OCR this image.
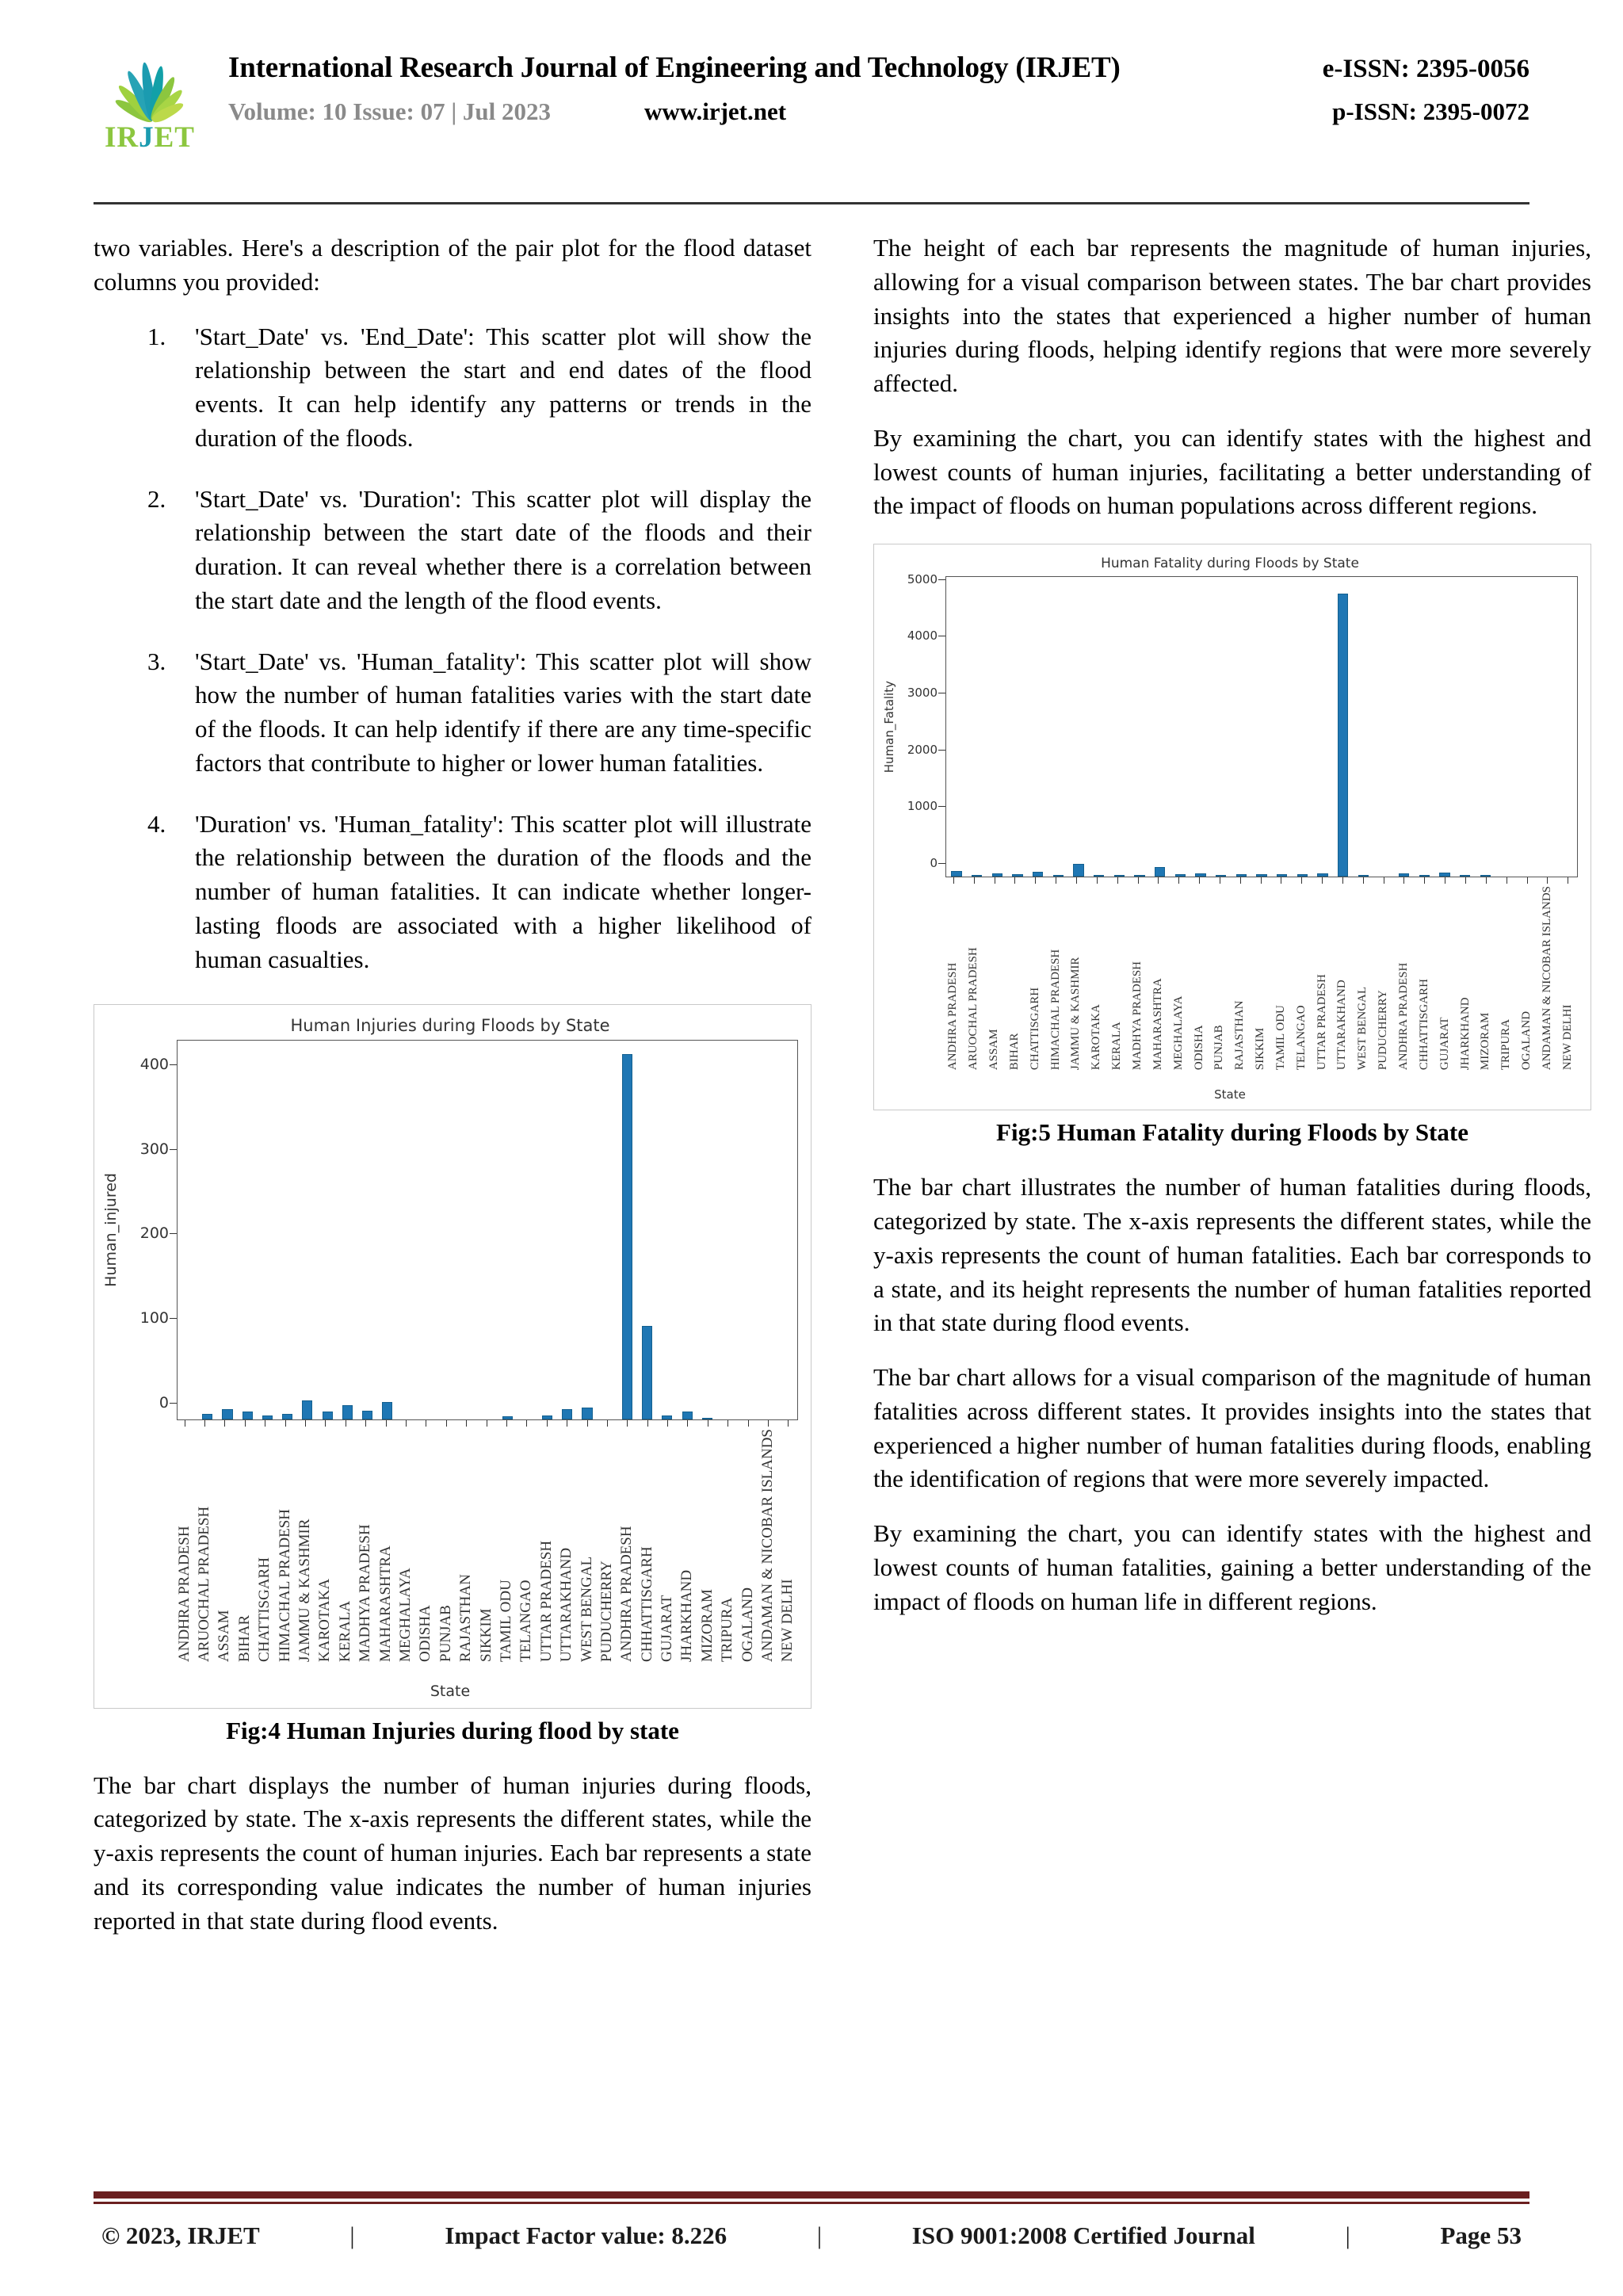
IRJET
International Research Journal of Engineering and Technology (IRJET)	e-ISSN: 2395-0056
Volume: 10 Issue: 07 | Jul 2023	www.irjet.net	p-ISSN: 2395-0072

two variables. Here's a description of the pair plot for the flood dataset columns you provided:

'Start_Date' vs. 'End_Date': This scatter plot will show the relationship between the start and end dates of the flood events. It can help identify any patterns or trends in the duration of the floods.
'Start_Date' vs. 'Duration': This scatter plot will display the relationship between the start date of the floods and their duration. It can reveal whether there is a correlation between the start date and the length of the flood events.
'Start_Date' vs. 'Human_fatality': This scatter plot will show how the number of human fatalities varies with the start date of the floods. It can help identify if there are any time-specific factors that contribute to higher or lower human fatalities.
'Duration' vs. 'Human_fatality': This scatter plot will illustrate the relationship between the duration of the floods and the number of human fatalities. It can indicate whether longer-lasting floods are associated with a higher likelihood of human casualties.
Human Injuries during Floods by State
Human_injured
0
100
200
300
400
ANDHRA PRADESH ARUOCHAL PRADESH ASSAM BIHAR CHATTISGARH HIMACHAL PRADESH JAMMU & KASHMIR KAROTAKA KERALA MADHYA PRADESH MAHARASHTRA MEGHALAYA ODISHA PUNJAB RAJASTHAN SIKKIM TAMIL ODU TELANGAO UTTAR PRADESH UTTARAKHAND WEST BENGAL PUDUCHERRY ANDHRA PRADESH CHHATTISGARH GUJARAT JHARKHAND MIZORAM TRIPURA OGALAND ANDAMAN & NICOBAR ISLANDS NEW DELHI
State
Fig:4 Human Injuries during flood by state

The bar chart displays the number of human injuries during floods, categorized by state. The x-axis represents the different states, while the y-axis represents the count of human injuries. Each bar represents a state and its corresponding value indicates the number of human injuries reported in that state during flood events.

The height of each bar represents the magnitude of human injuries, allowing for a visual comparison between states. The bar chart provides insights into the states that experienced a higher number of human injuries during floods, helping identify regions that were more severely affected.

By examining the chart, you can identify states with the highest and lowest counts of human injuries, facilitating a better understanding of the impact of floods on human populations across different regions.

Human Fatality during Floods by State
Human_Fatality
0
1000
2000
3000
4000
5000
ANDHRA PRADESH ARUOCHAL PRADESH ASSAM BIHAR CHATTISGARH HIMACHAL PRADESH JAMMU & KASHMIR KAROTAKA KERALA MADHYA PRADESH MAHARASHTRA MEGHALAYA ODISHA PUNJAB RAJASTHAN SIKKIM TAMIL ODU TELANGAO UTTAR PRADESH UTTARAKHAND WEST BENGAL PUDUCHERRY ANDHRA PRADESH CHHATTISGARH GUJARAT JHARKHAND MIZORAM TRIPURA OGALAND ANDAMAN & NICOBAR ISLANDS NEW DELHI
State
Fig:5 Human Fatality during Floods by State

The bar chart illustrates the number of human fatalities during floods, categorized by state. The x-axis represents the different states, while the y-axis represents the count of human fatalities. Each bar corresponds to a state, and its height represents the number of human fatalities reported in that state during flood events.

The bar chart allows for a visual comparison of the magnitude of human fatalities across different states. It provides insights into the states that experienced a higher number of human fatalities during floods, enabling the identification of regions that were more severely impacted.

By examining the chart, you can identify states with the highest and lowest counts of human fatalities, gaining a better understanding of the impact of floods on human life in different regions.

© 2023, IRJET	|	Impact Factor value: 8.226	|	ISO 9001:2008 Certified Journal	|	Page 53
